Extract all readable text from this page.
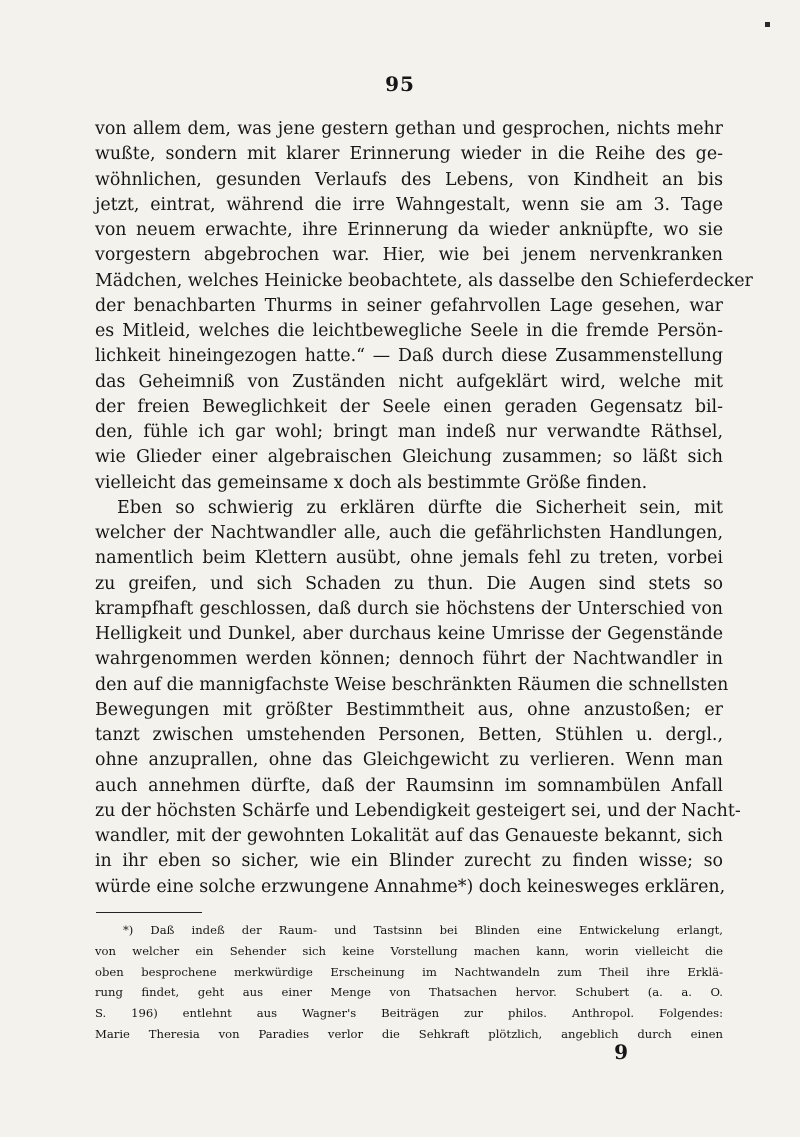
95
von allem dem, was jene gestern gethan und gesprochen, nichts mehr
wußte, sondern mit klarer Erinnerung wieder in die Reihe des ge-
wöhnlichen, gesunden Verlaufs des Lebens, von Kindheit an bis
jetzt, eintrat, während die irre Wahngestalt, wenn sie am 3. Tage
von neuem erwachte, ihre Erinnerung da wieder anknüpfte, wo sie
vorgestern abgebrochen war. Hier, wie bei jenem nervenkranken
Mädchen, welches Heinicke beobachtete, als dasselbe den Schieferdecker
der benachbarten Thurms in seiner gefahrvollen Lage gesehen, war
es Mitleid, welches die leichtbewegliche Seele in die fremde Persön-
lichkeit hineingezogen hatte.“ — Daß durch diese Zusammenstellung
das Geheimniß von Zuständen nicht aufgeklärt wird, welche mit
der freien Beweglichkeit der Seele einen geraden Gegensatz bil-
den, fühle ich gar wohl; bringt man indeß nur verwandte Räthsel,
wie Glieder einer algebraischen Gleichung zusammen; so läßt sich
vielleicht das gemeinsame x doch als bestimmte Größe finden.
Eben so schwierig zu erklären dürfte die Sicherheit sein, mit
welcher der Nachtwandler alle, auch die gefährlichsten Handlungen,
namentlich beim Klettern ausübt, ohne jemals fehl zu treten, vorbei
zu greifen, und sich Schaden zu thun. Die Augen sind stets so
krampfhaft geschlossen, daß durch sie höchstens der Unterschied von
Helligkeit und Dunkel, aber durchaus keine Umrisse der Gegenstände
wahrgenommen werden können; dennoch führt der Nachtwandler in
den auf die mannigfachste Weise beschränkten Räumen die schnellsten
Bewegungen mit größter Bestimmtheit aus, ohne anzustoßen; er
tanzt zwischen umstehenden Personen, Betten, Stühlen u. dergl.,
ohne anzuprallen, ohne das Gleichgewicht zu verlieren. Wenn man
auch annehmen dürfte, daß der Raumsinn im somnambülen Anfall
zu der höchsten Schärfe und Lebendigkeit gesteigert sei, und der Nacht-
wandler, mit der gewohnten Lokalität auf das Genaueste bekannt, sich
in ihr eben so sicher, wie ein Blinder zurecht zu finden wisse; so
würde eine solche erzwungene Annahme*) doch keinesweges erklären,
*) Daß indeß der Raum- und Tastsinn bei Blinden eine Entwickelung erlangt,
von welcher ein Sehender sich keine Vorstellung machen kann, worin vielleicht die
oben besprochene merkwürdige Erscheinung im Nachtwandeln zum Theil ihre Erklä-
rung findet, geht aus einer Menge von Thatsachen hervor. Schubert (a. a. O.
S. 196) entlehnt aus Wagner's Beiträgen zur philos. Anthropol. Folgendes:
Marie Theresia von Paradies verlor die Sehkraft plötzlich, angeblich durch einen
9
